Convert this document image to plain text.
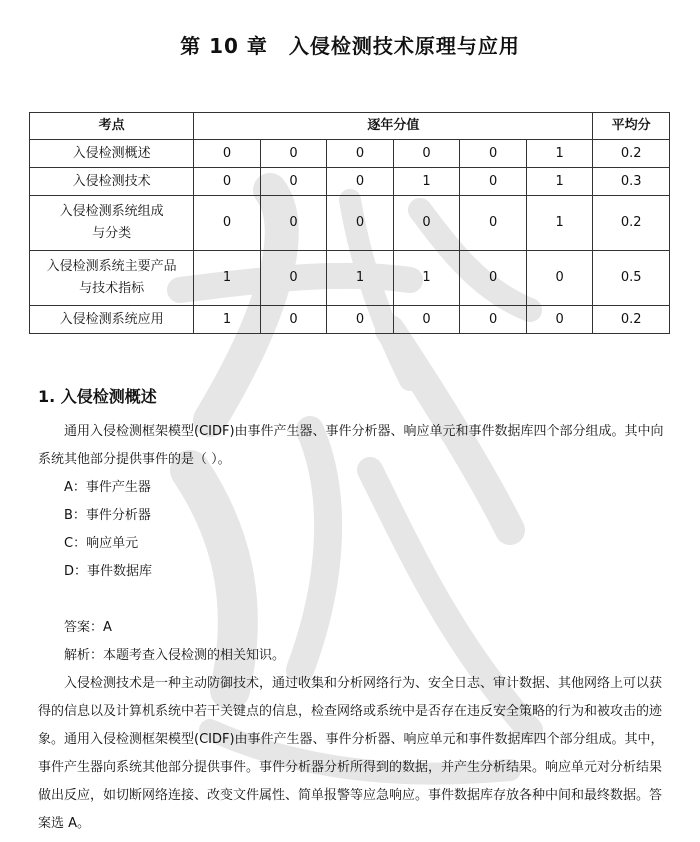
第 10 章　入侵检测技术原理与应用
考点	逐年分值						平均分

入侵检测概述	0	0	0	0	0	1	0.2

入侵检测技术	0	0	0	1	0	1	0.3

入侵检测系统组成
与分类	0	0	0	0	0	1	0.2

入侵检测系统主要产品
与技术指标	1	0	1	1	0	0	0.5

入侵检测系统应用	1	0	0	0	0	0	0.2
1. 入侵检测概述

通用入侵检测框架模型(CIDF)由事件产生器、事件分析器、响应单元和事件数据库四个部分组成。其中向系统其他部分提供事件的是（ ）。

A：事件产生器

B：事件分析器

C：响应单元

D：事件数据库

答案：A

解析：本题考查入侵检测的相关知识。

入侵检测技术是一种主动防御技术，通过收集和分析网络行为、安全日志、审计数据、其他网络上可以获得的信息以及计算机系统中若干关键点的信息，检查网络或系统中是否存在违反安全策略的行为和被攻击的迹象。通用入侵检测框架模型(CIDF)由事件产生器、事件分析器、响应单元和事件数据库四个部分组成。其中，事件产生器向系统其他部分提供事件。事件分析器分析所得到的数据，并产生分析结果。响应单元对分析结果做出反应，如切断网络连接、改变文件属性、简单报警等应急响应。事件数据库存放各种中间和最终数据。答案选 A。
